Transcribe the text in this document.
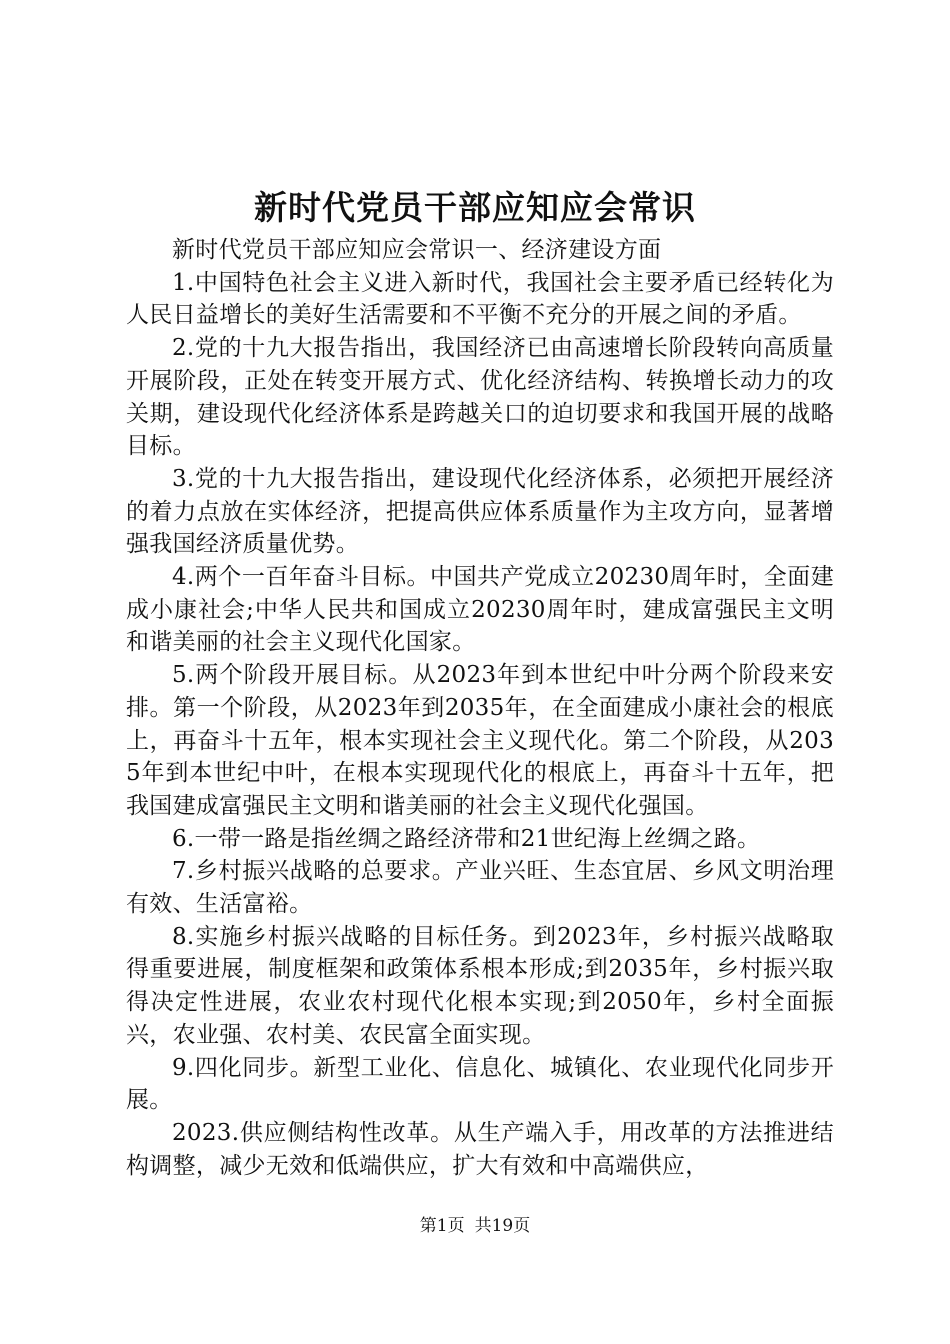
新时代党员干部应知应会常识

新时代党员干部应知应会常识一、经济建设方面

1.中国特色社会主义进入新时代，我国社会主要矛盾已经转化为人民日益增长的美好生活需要和不平衡不充分的开展之间的矛盾。

2.党的十九大报告指出，我国经济已由高速增长阶段转向高质量开展阶段，正处在转变开展方式、优化经济结构、转换增长动力的攻关期，建设现代化经济体系是跨越关口的迫切要求和我国开展的战略目标。

3.党的十九大报告指出，建设现代化经济体系，必须把开展经济的着力点放在实体经济，把提高供应体系质量作为主攻方向，显著增强我国经济质量优势。

4.两个一百年奋斗目标。中国共产党成立20230周年时，全面建成小康社会;中华人民共和国成立20230周年时，建成富强民主文明和谐美丽的社会主义现代化国家。

5.两个阶段开展目标。从2023年到本世纪中叶分两个阶段来安排。第一个阶段，从2023年到2035年，在全面建成小康社会的根底上，再奋斗十五年，根本实现社会主义现代化。第二个阶段，从2035年到本世纪中叶，在根本实现现代化的根底上，再奋斗十五年，把我国建成富强民主文明和谐美丽的社会主义现代化强国。

6.一带一路是指丝绸之路经济带和21世纪海上丝绸之路。

7.乡村振兴战略的总要求。产业兴旺、生态宜居、乡风文明治理有效、生活富裕。

8.实施乡村振兴战略的目标任务。到2023年，乡村振兴战略取得重要进展，制度框架和政策体系根本形成;到2035年，乡村振兴取得决定性进展，农业农村现代化根本实现;到2050年，乡村全面振兴，农业强、农村美、农民富全面实现。

9.四化同步。新型工业化、信息化、城镇化、农业现代化同步开展。

2023.供应侧结构性改革。从生产端入手，用改革的方法推进结构调整，减少无效和低端供应，扩大有效和中高端供应，

第1页 共19页
